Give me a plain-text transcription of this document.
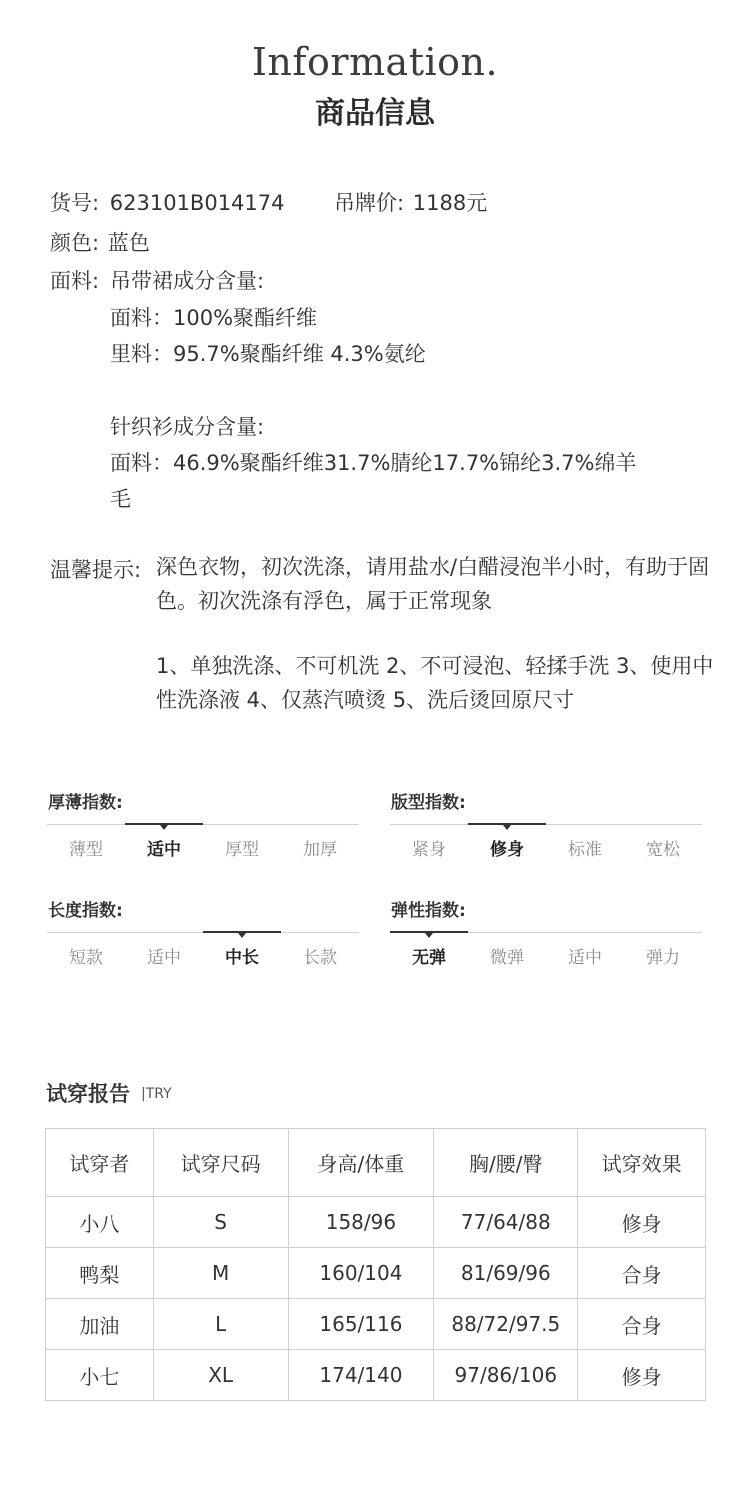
Information.
商品信息
货号: 623101B014174 吊牌价: 1188元
颜色: 蓝色
面料: 吊带裙成分含量:
面料：100%聚酯纤维
里料：95.7%聚酯纤维 4.3%氨纶
针织衫成分含量:
面料：46.9%聚酯纤维31.7%腈纶17.7%锦纶3.7%绵羊
毛
温馨提示: 深色衣物，初次洗涤，请用盐水/白醋浸泡半小时，有助于固色。初次洗涤有浮色，属于正常现象
1、单独洗涤、不可机洗 2、不可浸泡、轻揉手洗 3、使用中性洗涤液 4、仅蒸汽喷烫 5、洗后烫回原尺寸
厚薄指数:
薄型	适中	厚型	加厚
版型指数:
紧身	修身	标准	宽松
长度指数:
短款	适中	中长	长款
弹性指数:
无弹	微弹	适中	弹力
试穿报告 |TRY
试穿者	试穿尺码	身高/体重	胸/腰/臀	试穿效果
小八	S	158/96	77/64/88	修身
鸭梨	M	160/104	81/69/96	合身
加油	L	165/116	88/72/97.5	合身
小七	XL	174/140	97/86/106	修身
